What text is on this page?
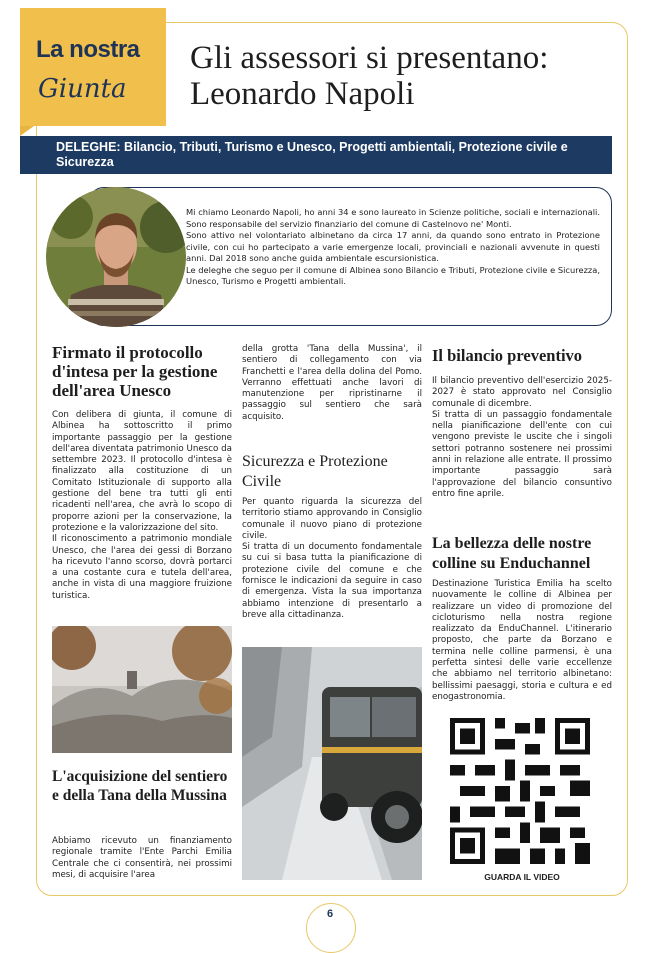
La nostra
Giunta
Gli assessori si presentano:
Leonardo Napoli
DELEGHE: Bilancio, Tributi, Turismo e Unesco, Progetti ambientali, Protezione civile e Sicurezza

Mi chiamo Leonardo Napoli, ho anni 34 e sono laureato in Scienze politiche, sociali e internazionali. Sono responsabile del servizio finanziario del comune di Castelnovo ne' Monti.

Sono attivo nel volontariato albinetano da circa 17 anni, da quando sono entrato in Protezione civile, con cui ho partecipato a varie emergenze locali, provinciali e nazionali avvenute in questi anni. Dal 2018 sono anche guida ambientale escursionistica.

Le deleghe che seguo per il comune di Albinea sono Bilancio e Tributi, Protezione civile e Sicurezza, Unesco, Turismo e Progetti ambientali.

Firmato il protocollo d'intesa per la gestione dell'area Unesco

Con delibera di giunta, il comune di Albinea ha sottoscritto il primo importante passaggio per la gestione dell'area diventata patrimonio Unesco da settembre 2023. Il protocollo d'intesa è finalizzato alla costituzione di un Comitato Istituzionale di supporto alla gestione del bene tra tutti gli enti ricadenti nell'area, che avrà lo scopo di proporre azioni per la conservazione, la protezione e la valorizzazione del sito.

Il riconoscimento a patrimonio mondiale Unesco, che l'area dei gessi di Borzano ha ricevuto l'anno scorso, dovrà portarci a una costante cura e tutela dell'area, anche in vista di una maggiore fruizione turistica.

L'acquisizione del sentiero e della Tana della Mussina

Abbiamo ricevuto un finanziamento regionale tramite l'Ente Parchi Emilia Centrale che ci consentirà, nei prossimi mesi, di acquisire l'area

della grotta 'Tana della Mussina', il sentiero di collegamento con via Franchetti e l'area della dolina del Pomo. Verranno effettuati anche lavori di manutenzione per ripristinarne il passaggio sul sentiero che sarà acquisito.

Sicurezza e Protezione Civile

Per quanto riguarda la sicurezza del territorio stiamo approvando in Consiglio comunale il nuovo piano di protezione civile.

Si tratta di un documento fondamentale su cui si basa tutta la pianificazione di protezione civile del comune e che fornisce le indicazioni da seguire in caso di emergenza. Vista la sua importanza abbiamo intenzione di presentarlo a breve alla cittadinanza.

Il bilancio preventivo

Il bilancio preventivo dell'esercizio 2025-2027 è stato approvato nel Consiglio comunale di dicembre.

Si tratta di un passaggio fondamentale nella pianificazione dell'ente con cui vengono previste le uscite che i singoli settori potranno sostenere nei prossimi anni in relazione alle entrate. Il prossimo importante passaggio sarà l'approvazione del bilancio consuntivo entro fine aprile.

La bellezza delle nostre colline su Enduchannel

Destinazione Turistica Emilia ha scelto nuovamente le colline di Albinea per realizzare un video di promozione del cicloturismo nella nostra regione realizzato da EnduChannel. L'itinerario proposto, che parte da Borzano e termina nelle colline parmensi, è una perfetta sintesi delle varie eccellenze che abbiamo nel territorio albinetano: bellissimi paesaggi, storia e cultura e ed enogastronomia.

GUARDA IL VIDEO
6
